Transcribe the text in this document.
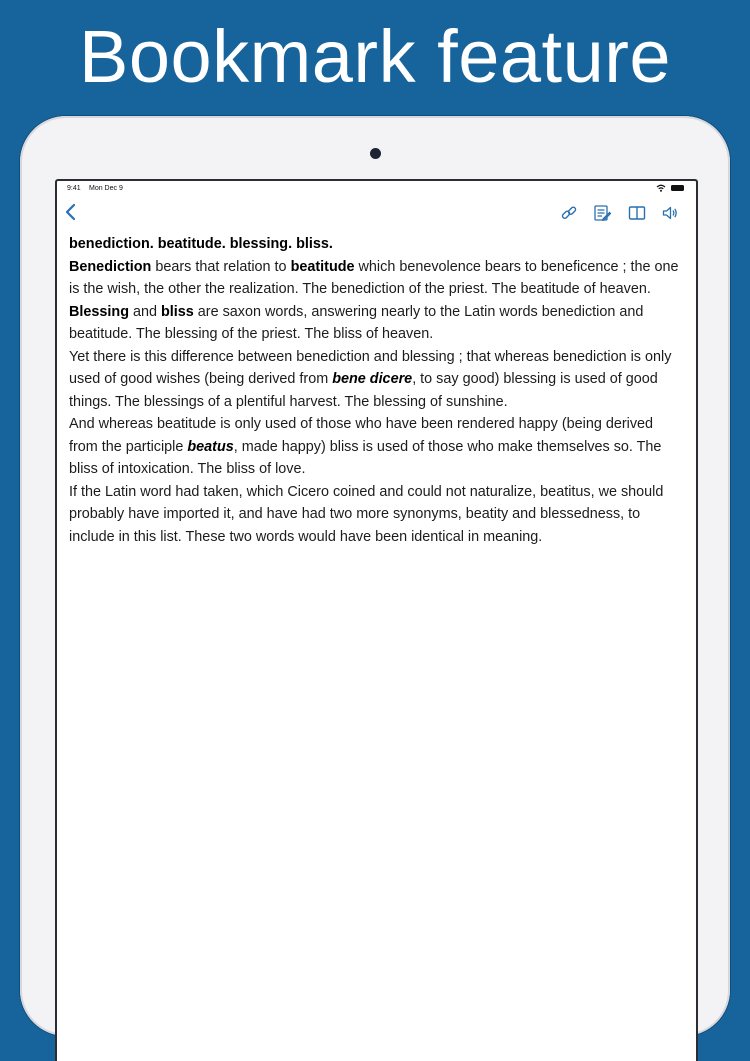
Bookmark feature
9:41 Mon Dec 9

benediction. beatitude. blessing. bliss.

Benediction bears that relation to beatitude which benevolence bears to beneficence ; the one is the wish, the other the realization. The benediction of the priest. The beatitude of heaven.

Blessing and bliss are saxon words, answering nearly to the Latin words benediction and beatitude. The blessing of the priest. The bliss of heaven.

Yet there is this difference between benediction and blessing ; that whereas benediction is only used of good wishes (being derived from bene dicere, to say good) blessing is used of good things. The blessings of a plentiful harvest. The blessing of sunshine.

And whereas beatitude is only used of those who have been rendered happy (being derived from the participle beatus, made happy) bliss is used of those who make themselves so. The bliss of intoxication. The bliss of love.

If the Latin word had taken, which Cicero coined and could not naturalize, beatitus, we should probably have imported it, and have had two more synonyms, beatity and blessedness, to include in this list. These two words would have been identical in meaning.
